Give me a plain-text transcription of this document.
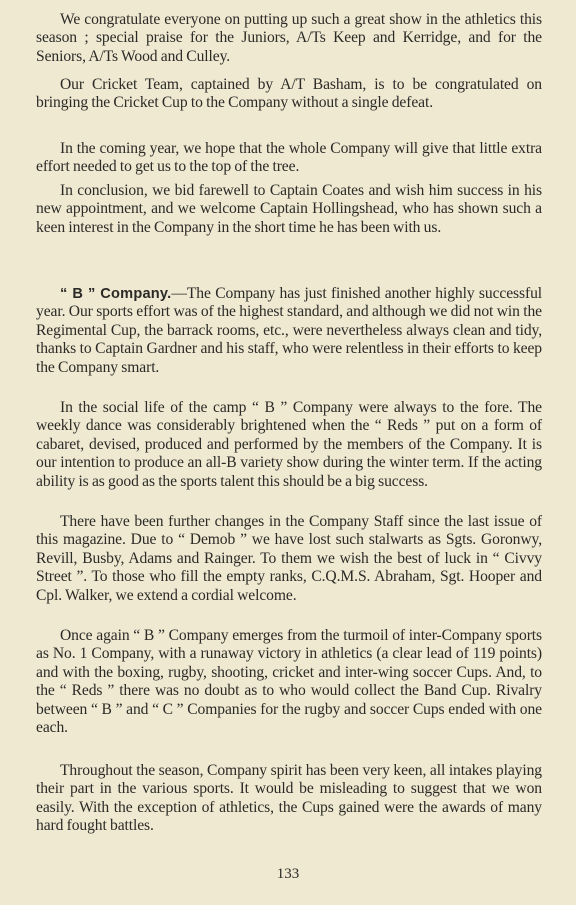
We congratulate everyone on putting up such a great show in the athletics this season ; special praise for the Juniors, A/Ts Keep and Kerridge, and for the Seniors, A/Ts Wood and Culley.

Our Cricket Team, captained by A/T Basham, is to be congratulated on bringing the Cricket Cup to the Company without a single defeat.

In the coming year, we hope that the whole Company will give that little extra effort needed to get us to the top of the tree.

In conclusion, we bid farewell to Captain Coates and wish him success in his new appointment, and we welcome Captain Hollingshead, who has shown such a keen interest in the Company in the short time he has been with us.

“ B ” Company.—The Company has just finished another highly successful year. Our sports effort was of the highest standard, and although we did not win the Regimental Cup, the barrack rooms, etc., were nevertheless always clean and tidy, thanks to Captain Gardner and his staff, who were relentless in their efforts to keep the Company smart.

In the social life of the camp “ B ” Company were always to the fore. The weekly dance was considerably brightened when the “ Reds ” put on a form of cabaret, devised, produced and performed by the members of the Company. It is our intention to produce an all-B variety show during the winter term. If the acting ability is as good as the sports talent this should be a big success.

There have been further changes in the Company Staff since the last issue of this magazine. Due to “ Demob ” we have lost such stalwarts as Sgts. Goronwy, Revill, Busby, Adams and Rainger. To them we wish the best of luck in “ Civvy Street ”. To those who fill the empty ranks, C.Q.M.S. Abraham, Sgt. Hooper and Cpl. Walker, we extend a cordial welcome.

Once again “ B ” Company emerges from the turmoil of inter-Company sports as No. 1 Company, with a runaway victory in athletics (a clear lead of 119 points) and with the boxing, rugby, shooting, cricket and inter-wing soccer Cups. And, to the “ Reds ” there was no doubt as to who would collect the Band Cup. Rivalry between “ B ” and “ C ” Companies for the rugby and soccer Cups ended with one each.

Throughout the season, Company spirit has been very keen, all intakes playing their part in the various sports. It would be misleading to suggest that we won easily. With the exception of athletics, the Cups gained were the awards of many hard fought battles.

133
